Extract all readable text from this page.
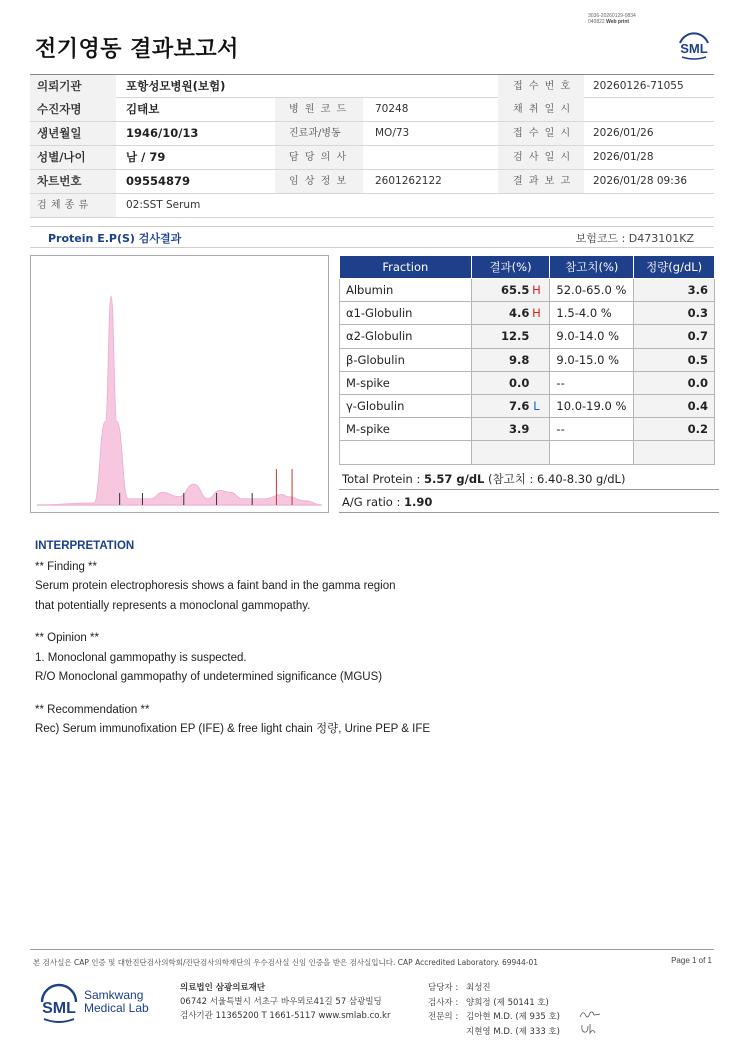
3036-20260129-0834
040822 Web print
전기영동 결과보고서	SML
의뢰기관	포항성모병원(보험)	접 수 번 호 20260126-71055
수진자명	김태보	병 원 코 드	70248	채 취 일 시
생년월일	1946/10/13	진료과/병동	MO/73	접 수 일 시 2026/01/26
성별/나이	남 / 79	담 당 의 사	검 사 일 시 2026/01/28
차트번호	09554879	임 상 정 보	2601262122	결 과 보 고 2026/01/28 09:36
검 체 종 류	02:SST Serum
Protein E.P(S) 검사결과	보험코드 : D473101KZ
Fraction	결과(%)	참고치(%)	정량(g/dL)
Albumin	65.5 H	52.0-65.0 %	3.6
α1-Globulin	4.6 H	1.5-4.0 %	0.3
α2-Globulin	12.5	9.0-14.0 %	0.7
β-Globulin	9.8	9.0-15.0 %	0.5
M-spike	0.0	--	0.0
γ-Globulin	7.6 L	10.0-19.0 %	0.4
M-spike	3.9	--	0.2

Total Protein : 5.57 g/dL (참고치 : 6.40-8.30 g/dL)
A/G ratio : 1.90
INTERPRETATION
** Finding **
Serum protein electrophoresis shows a faint band in the gamma region
that potentially represents a monoclonal gammopathy.
** Opinion **
1. Monoclonal gammopathy is suspected.
R/O Monoclonal gammopathy of undetermined significance (MGUS)
** Recommendation **
Rec) Serum immunofixation EP (IFE) & free light chain 정량, Urine PEP & IFE
본 검사실은 CAP 인증 및 대한진단검사의학회/진단검사의학재단의 우수검사실 신임 인증을 받은 검사실입니다. CAP Accredited Laboratory. 69944-01	Page 1 of 1
SML
Samkwang
Medical Lab
의료법인 삼광의료재단
06742 서울특별시 서초구 바우뫼로41길 57 삼광빌딩
검사기관 11365200 T 1661-5117 www.smlab.co.kr
담당자 : 최성진
검사자 : 양희정 (제 50141 호)
전문의 : 김아현 M.D. (제 935 호)
지현영 M.D. (제 333 호)
